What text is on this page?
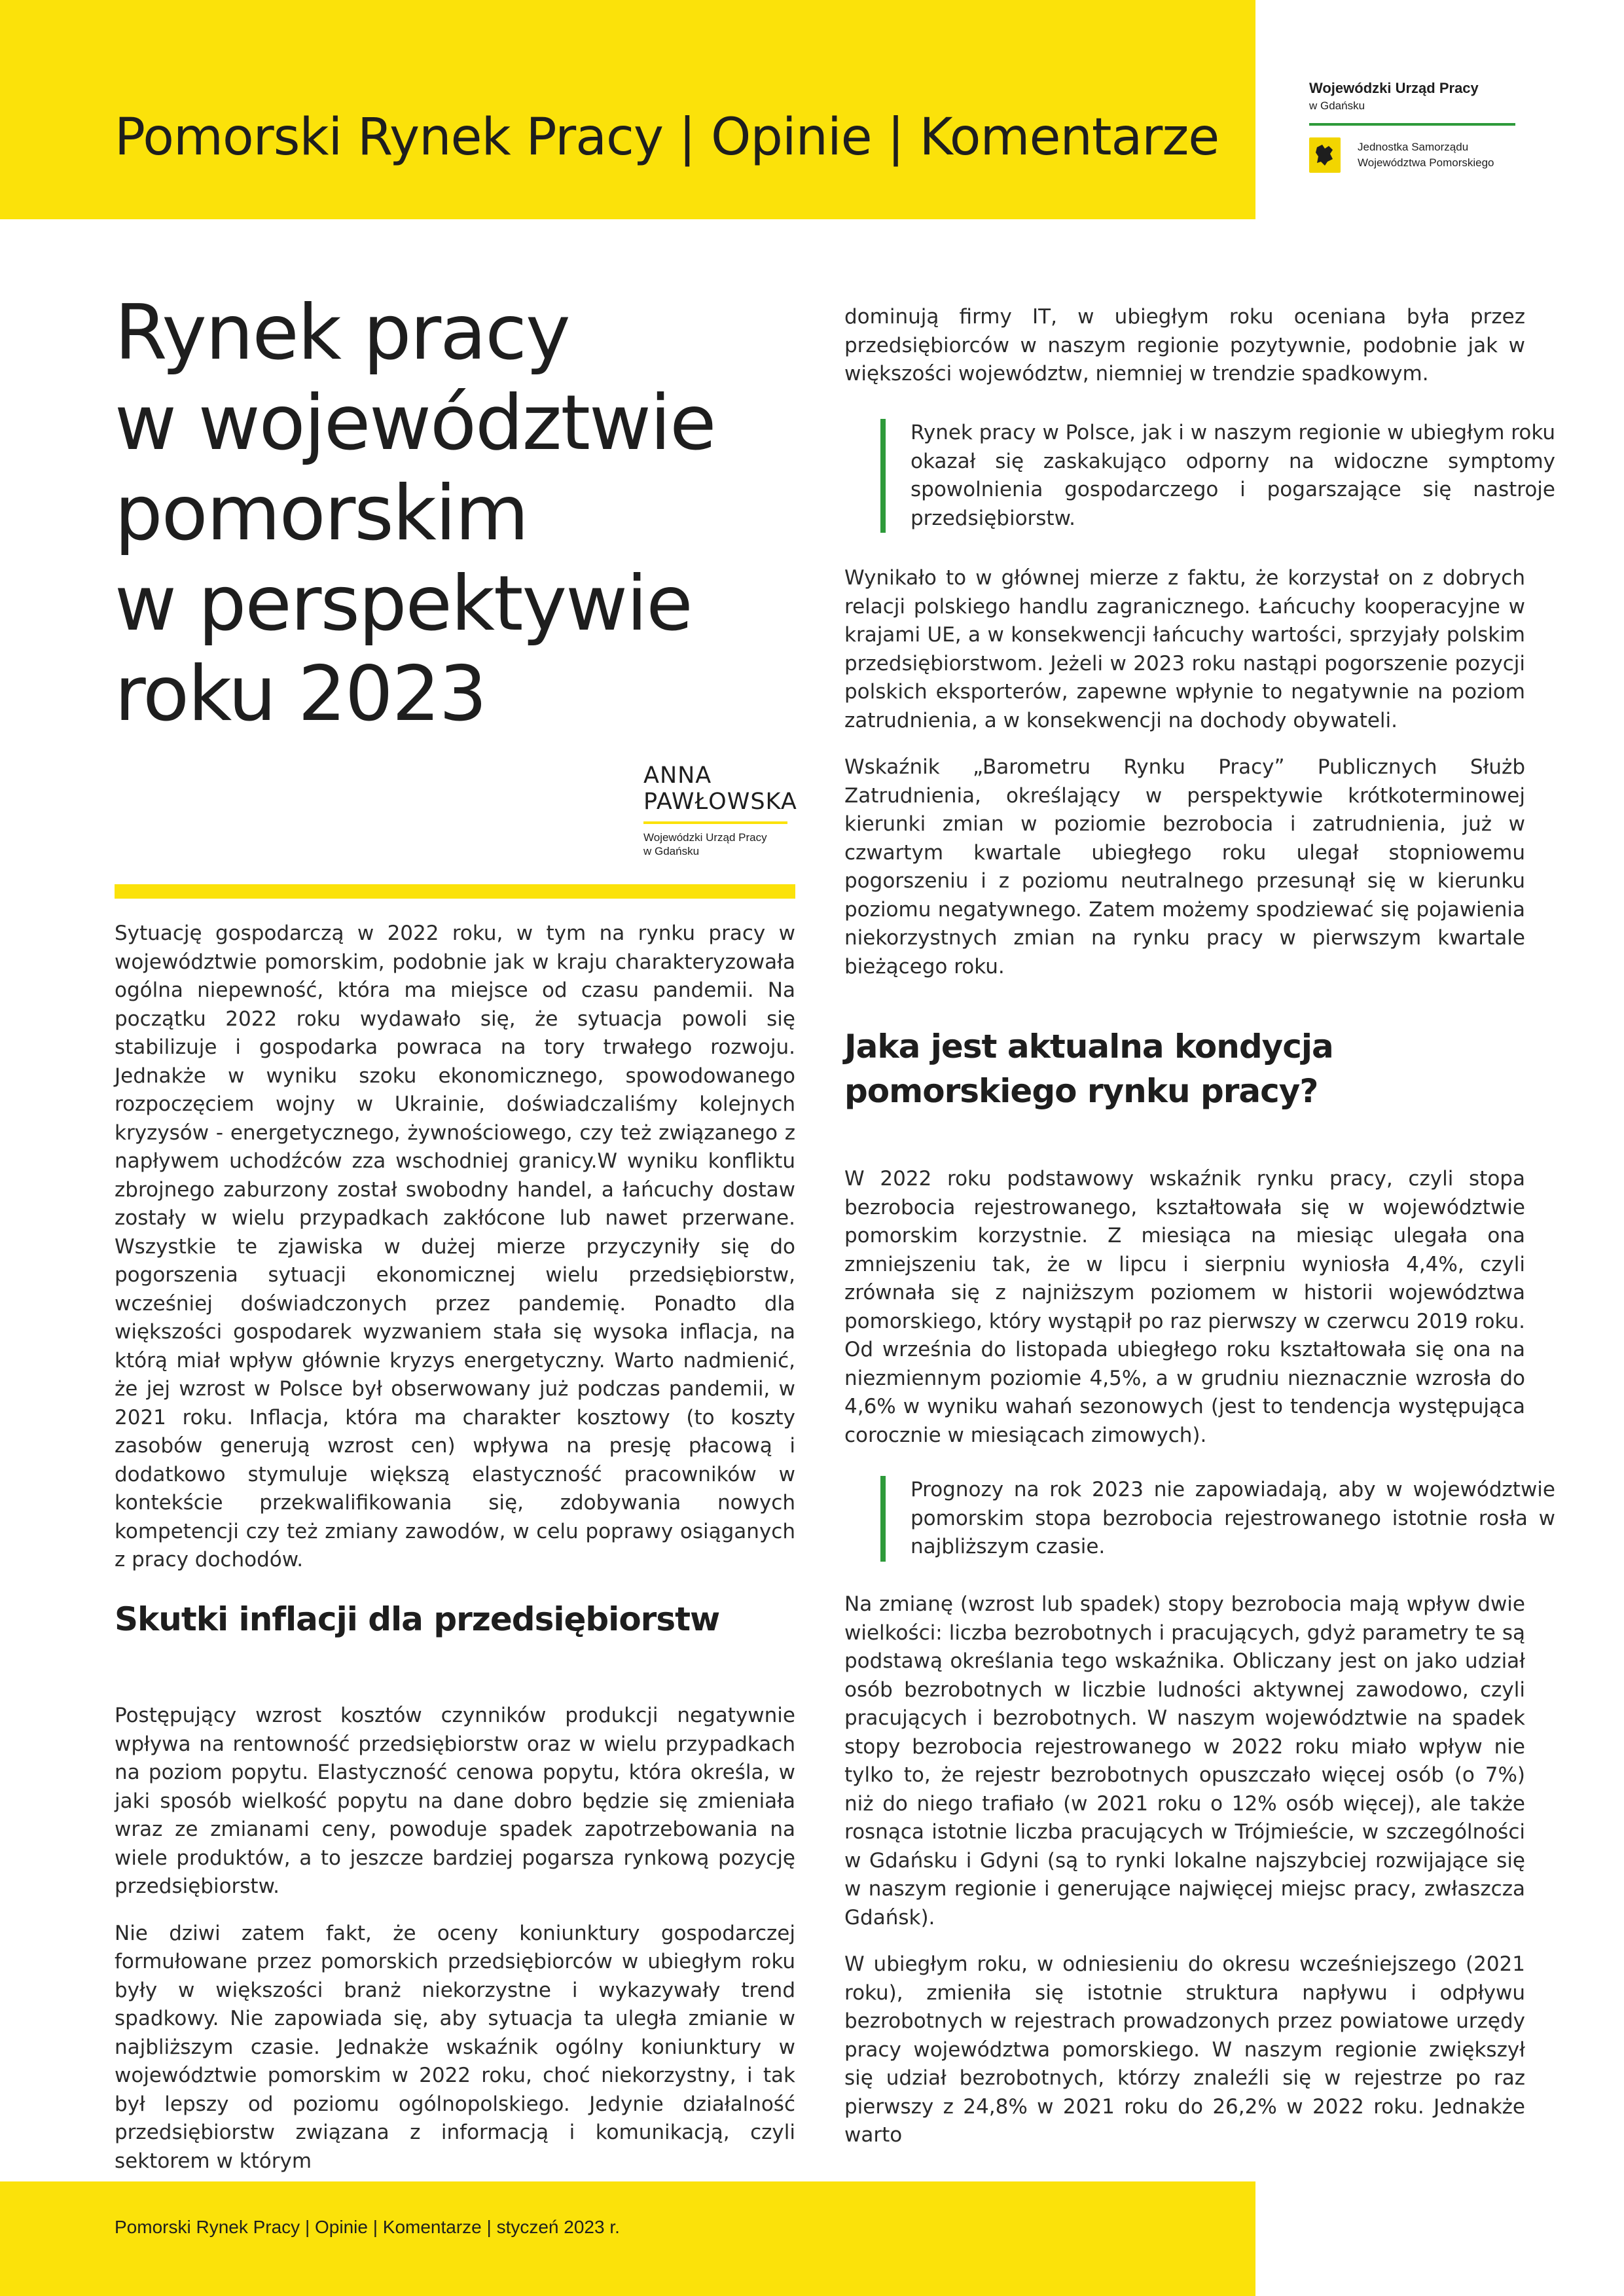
Pomorski Rynek Pracy | Opinie | Komentarze
Wojewódzki Urząd Pracy
w Gdańsku
Jednostka Samorządu
Województwa Pomorskiego
Rynek pracy
w województwie
pomorskim
w perspektywie
roku 2023
ANNA
PAWŁOWSKA
Wojewódzki Urząd Pracy
w Gdańsku

Sytuację gospodarczą w 2022 roku, w tym na rynku pracy w województwie pomorskim, podobnie jak w kraju charakteryzowała ogólna niepewność, która ma miejsce od czasu pandemii. Na początku 2022 roku wydawało się, że sytuacja powoli się stabilizuje i gospodarka powraca na tory trwałego rozwoju. Jednakże w wyniku szoku ekonomicznego, spowodowanego rozpoczęciem wojny w Ukrainie, doświadczaliśmy kolejnych kryzysów - energetycznego, żywnościowego, czy też związanego z napływem uchodźców zza wschodniej granicy.W wyniku konfliktu zbrojnego zaburzony został swobodny handel, a łańcuchy dostaw zostały w wielu przypadkach zakłócone lub nawet przerwane. Wszystkie te zjawiska w dużej mierze przyczyniły się do pogorszenia sytuacji ekonomicznej wielu przedsiębiorstw, wcześniej doświadczonych przez pandemię. Ponadto dla większości gospodarek wyzwaniem stała się wysoka inflacja, na którą miał wpływ głównie kryzys energetyczny. Warto nadmienić, że jej wzrost w Polsce był obserwowany już podczas pandemii, w 2021 roku. Inflacja, która ma charakter kosztowy (to koszty zasobów generują wzrost cen) wpływa na presję płacową i dodatkowo stymuluje większą elastyczność pracowników w kontekście przekwalifikowania się, zdobywania nowych kompetencji czy też zmiany zawodów, w celu poprawy osiąganych z pracy dochodów.

Skutki inflacji dla przedsiębiorstw

Postępujący wzrost kosztów czynników produkcji negatywnie wpływa na rentowność przedsiębiorstw oraz w wielu przypadkach na poziom popytu. Elastyczność cenowa popytu, która określa, w jaki sposób wielkość popytu na dane dobro będzie się zmieniała wraz ze zmianami ceny, powoduje spadek zapotrzebowania na wiele produktów, a to jeszcze bardziej pogarsza rynkową pozycję przedsiębiorstw.

Nie dziwi zatem fakt, że oceny koniunktury gospodarczej formułowane przez pomorskich przedsiębiorców w ubiegłym roku były w większości branż niekorzystne i wykazywały trend spadkowy. Nie zapowiada się, aby sytuacja ta uległa zmianie w najbliższym czasie. Jednakże wskaźnik ogólny koniunktury w województwie pomorskim w 2022 roku, choć niekorzystny, i tak był lepszy od poziomu ogólnopolskiego. Jedynie działalność przedsiębiorstw związana z informacją i komunikacją, czyli sektorem w którym

dominują firmy IT, w ubiegłym roku oceniana była przez przedsiębiorców w naszym regionie pozytywnie, podobnie jak w większości województw, niemniej w trendzie spadkowym.

Rynek pracy w Polsce, jak i w naszym regionie w ubiegłym roku okazał się zaskakująco odporny na widoczne symptomy spowolnienia gospodarczego i pogarszające się nastroje przedsiębiorstw.

Wynikało to w głównej mierze z faktu, że korzystał on z dobrych relacji polskiego handlu zagranicznego. Łańcuchy kooperacyjne w krajami UE, a w konsekwencji łańcuchy wartości, sprzyjały polskim przedsiębiorstwom. Jeżeli w 2023 roku nastąpi pogorszenie pozycji polskich eksporterów, zapewne wpłynie to negatywnie na poziom zatrudnienia, a w konsekwencji na dochody obywateli.

Wskaźnik „Barometru Rynku Pracy” Publicznych Służb Zatrudnienia, określający w perspektywie krótkoterminowej kierunki zmian w poziomie bezrobocia i zatrudnienia, już w czwartym kwartale ubiegłego roku ulegał stopniowemu pogorszeniu i z poziomu neutralnego przesunął się w kierunku poziomu negatywnego. Zatem możemy spodziewać się pojawienia niekorzystnych zmian na rynku pracy w pierwszym kwartale bieżącego roku.

Jaka jest aktualna kondycja
pomorskiego rynku pracy?

W 2022 roku podstawowy wskaźnik rynku pracy, czyli stopa bezrobocia rejestrowanego, kształtowała się w województwie pomorskim korzystnie. Z miesiąca na miesiąc ulegała ona zmniejszeniu tak, że w lipcu i sierpniu wyniosła 4,4%, czyli zrównała się z najniższym poziomem w historii województwa pomorskiego, który wystąpił po raz pierwszy w czerwcu 2019 roku. Od września do listopada ubiegłego roku kształtowała się ona na niezmiennym poziomie 4,5%, a w grudniu nieznacznie wzrosła do 4,6% w wyniku wahań sezonowych (jest to tendencja występująca corocznie w miesiącach zimowych).

Prognozy na rok 2023 nie zapowiadają, aby w województwie pomorskim stopa bezrobocia rejestrowanego istotnie rosła w najbliższym czasie.

Na zmianę (wzrost lub spadek) stopy bezrobocia mają wpływ dwie wielkości: liczba bezrobotnych i pracujących, gdyż parametry te są podstawą określania tego wskaźnika. Obliczany jest on jako udział osób bezrobotnych w liczbie ludności aktywnej zawodowo, czyli pracujących i bezrobotnych. W naszym województwie na spadek stopy bezrobocia rejestrowanego w 2022 roku miało wpływ nie tylko to, że rejestr bezrobotnych opuszczało więcej osób (o 7%) niż do niego trafiało (w 2021 roku o 12% osób więcej), ale także rosnąca istotnie liczba pracujących w Trójmieście, w szczególności w Gdańsku i Gdyni (są to rynki lokalne najszybciej rozwijające się w naszym regionie i generujące najwięcej miejsc pracy, zwłaszcza Gdańsk).

W ubiegłym roku, w odniesieniu do okresu wcześniejszego (2021 roku), zmieniła się istotnie struktura napływu i odpływu bezrobotnych w rejestrach prowadzonych przez powiatowe urzędy pracy województwa pomorskiego. W naszym regionie zwiększył się udział bezrobotnych, którzy znaleźli się w rejestrze po raz pierwszy z 24,8% w 2021 roku do 26,2% w 2022 roku. Jednakże warto

Pomorski Rynek Pracy | Opinie | Komentarze | styczeń 2023 r.
